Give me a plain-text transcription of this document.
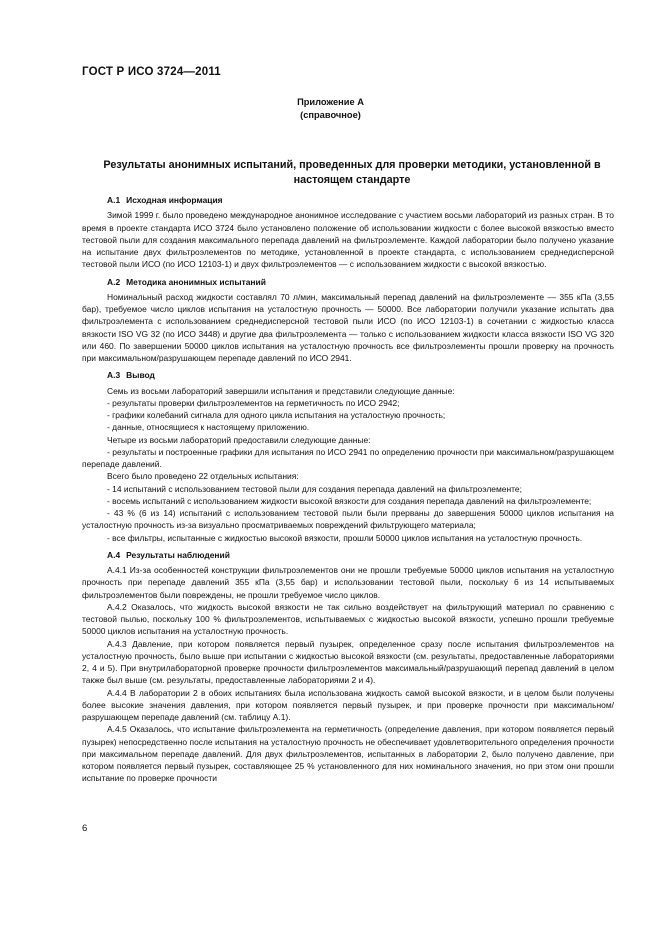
ГОСТ Р ИСО 3724—2011
Приложение А
(справочное)
Результаты анонимных испытаний, проведенных для проверки методики, установленной в настоящем стандарте
А.1 Исходная информация

Зимой 1999 г. было проведено международное анонимное исследование с участием восьми лабораторий из разных стран. В то время в проекте стандарта ИСО 3724 было установлено положение об использовании жидкости с более высокой вязкостью вместо тестовой пыли для создания максимального перепада давлений на фильтроэлементе. Каждой лаборатории было получено указание на испытание двух фильтроэлементов по методике, установленной в проекте стандарта, с использованием среднедисперсной тестовой пыли ИСО (по ИСО 12103-1) и двух фильтроэлементов — с использованием жидкости с высокой вязкостью.

А.2 Методика анонимных испытаний

Номинальный расход жидкости составлял 70 л/мин, максимальный перепад давлений на фильтроэлементе — 355 кПа (3,55 бар), требуемое число циклов испытания на усталостную прочность — 50000. Все лаборатории получили указание испытать два фильтроэлемента с использованием среднедисперсной тестовой пыли ИСО (по ИСО 12103-1) в сочетании с жидкостью класса вязкости ISO VG 32 (по ИСО 3448) и другие два фильтроэлемента — только с использованием жидкости класса вязкости ISO VG 320 или 460. По завершении 50000 циклов испытания на усталостную прочность все фильтроэлементы прошли проверку на прочность при максимальном/разрушающем перепаде давлений по ИСО 2941.

А.3 Вывод

Семь из восьми лабораторий завершили испытания и представили следующие данные:

- результаты проверки фильтроэлементов на герметичность по ИСО 2942;

- графики колебаний сигнала для одного цикла испытания на усталостную прочность;

- данные, относящиеся к настоящему приложению.

Четыре из восьми лабораторий предоставили следующие данные:

- результаты и построенные графики для испытания по ИСО 2941 по определению прочности при максимальном/разрушающем перепаде давлений.

Всего было проведено 22 отдельных испытания:

- 14 испытаний с использованием тестовой пыли для создания перепада давлений на фильтроэлементе;

- восемь испытаний с использованием жидкости высокой вязкости для создания перепада давлений на фильтроэлементе;

- 43 % (6 из 14) испытаний с использованием тестовой пыли были прерваны до завершения 50000 циклов испытания на усталостную прочность из-за визуально просматриваемых повреждений фильтрующего материала;

- все фильтры, испытанные с жидкостью высокой вязкости, прошли 50000 циклов испытания на усталостную прочность.

А.4 Результаты наблюдений

А.4.1 Из-за особенностей конструкции фильтроэлементов они не прошли требуемые 50000 циклов испытания на усталостную прочность при перепаде давлений 355 кПа (3,55 бар) и использовании тестовой пыли, поскольку 6 из 14 испытываемых фильтроэлементов были повреждены, не прошли требуемое число циклов.

А.4.2 Оказалось, что жидкость высокой вязкости не так сильно воздействует на фильтрующий материал по сравнению с тестовой пылью, поскольку 100 % фильтроэлементов, испытываемых с жидкостью высокой вязкости, успешно прошли требуемые 50000 циклов испытания на усталостную прочность.

А.4.3 Давление, при котором появляется первый пузырек, определенное сразу после испытания фильтроэлементов на усталостную прочность, было выше при испытании с жидкостью высокой вязкости (см. результаты, предоставленные лабораториями 2, 4 и 5). При внутрилабораторной проверке прочности фильтроэлементов максимальный/разрушающий перепад давлений в целом также был выше (см. результаты, предоставленные лабораториями 2 и 4).

А.4.4 В лаборатории 2 в обоих испытаниях была использована жидкость самой высокой вязкости, и в целом были получены более высокие значения давления, при котором появляется первый пузырек, и при проверке прочности при максимальном/разрушающем перепаде давлений (см. таблицу А.1).

А.4.5 Оказалось, что испытание фильтроэлемента на герметичность (определение давления, при котором появляется первый пузырек) непосредственно после испытания на усталостную прочность не обеспечивает удовлетворительного определения прочности при максимальном перепаде давлений. Для двух фильтроэлементов, испытанных в лаборатории 2, было получено давление, при котором появляется первый пузырек, составляющее 25 % установленного для них номинального значения, но при этом они прошли испытание по проверке прочности

6
